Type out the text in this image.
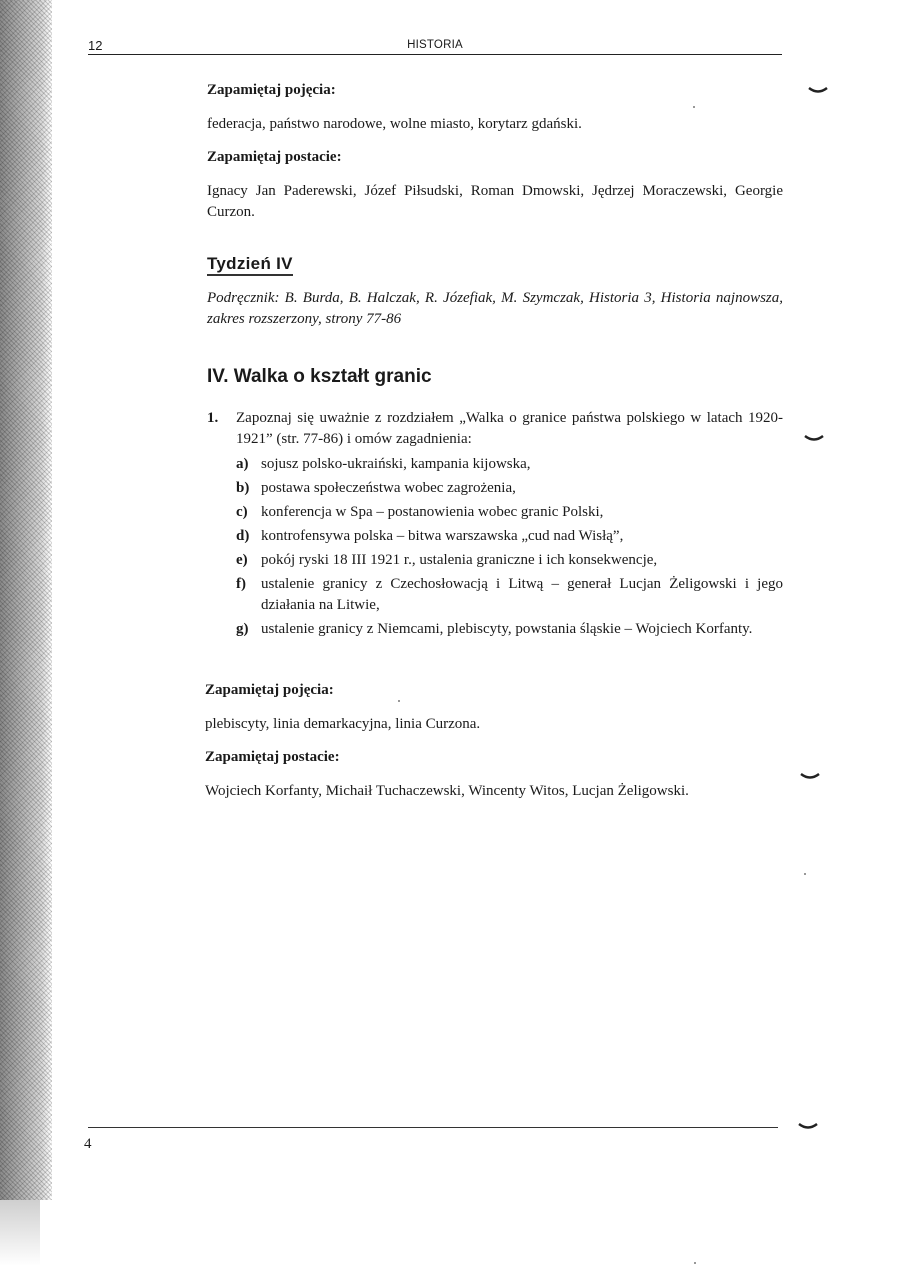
12	HISTORIA

Zapamiętaj pojęcia:

federacja, państwo narodowe, wolne miasto, korytarz gdański.

Zapamiętaj postacie:

Ignacy Jan Paderewski, Józef Piłsudski, Roman Dmowski, Jędrzej Moraczewski, Georgie Curzon.

Tydzień IV

Podręcznik: B. Burda, B. Halczak, R. Józefiak, M. Szymczak, Historia 3, Historia najnowsza, zakres rozszerzony, strony 77-86

IV. Walka o kształt granic
1. Zapoznaj się uważnie z rozdziałem „Walka o granice państwa polskiego w latach 1920-1921” (str. 77-86) i omów zagadnienia:
a) sojusz polsko-ukraiński, kampania kijowska,
b) postawa społeczeństwa wobec zagrożenia,
c) konferencja w Spa – postanowienia wobec granic Polski,
d) kontrofensywa polska – bitwa warszawska „cud nad Wisłą”,
e) pokój ryski 18 III 1921 r., ustalenia graniczne i ich konsekwencje,
f) ustalenie granicy z Czechosłowacją i Litwą – generał Lucjan Żeligowski i jego działania na Litwie,
g) ustalenie granicy z Niemcami, plebiscyty, powstania śląskie – Wojciech Korfanty.

Zapamiętaj pojęcia:

plebiscyty, linia demarkacyjna, linia Curzona.

Zapamiętaj postacie:

Wojciech Korfanty, Michaił Tuchaczewski, Wincenty Witos, Lucjan Żeligowski.

4
